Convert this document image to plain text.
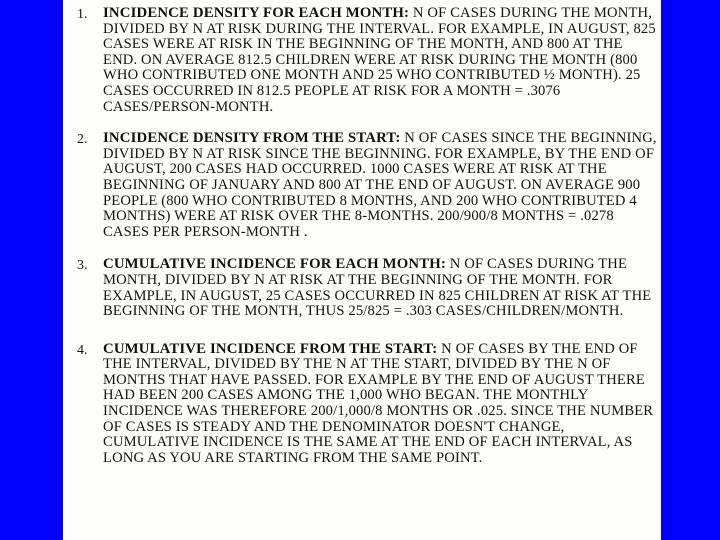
1.	INCIDENCE DENSITY FOR EACH MONTH: N OF CASES DURING THE MONTH, DIVIDED BY N AT RISK DURING THE INTERVAL. FOR EXAMPLE, IN AUGUST, 825 CASES WERE AT RISK IN THE BEGINNING OF THE MONTH, AND 800 AT THE END. ON AVERAGE 812.5 CHILDREN WERE AT RISK DURING THE MONTH (800 WHO CONTRIBUTED ONE MONTH AND 25 WHO CONTRIBUTED ½ MONTH). 25 CASES OCCURRED IN 812.5 PEOPLE AT RISK FOR A MONTH = .3076 CASES/PERSON-MONTH.
2.	INCIDENCE DENSITY FROM THE START: N OF CASES SINCE THE BEGINNING, DIVIDED BY N AT RISK SINCE THE BEGINNING. FOR EXAMPLE, BY THE END OF AUGUST, 200 CASES HAD OCCURRED. 1000 CASES WERE AT RISK AT THE BEGINNING OF JANUARY AND 800 AT THE END OF AUGUST. ON AVERAGE 900 PEOPLE (800 WHO CONTRIBUTED 8 MONTHS, AND 200 WHO CONTRIBUTED 4 MONTHS) WERE AT RISK OVER THE 8-MONTHS. 200/900/8 MONTHS = .0278 CASES PER PERSON-MONTH .
3.	CUMULATIVE INCIDENCE FOR EACH MONTH: N OF CASES DURING THE MONTH, DIVIDED BY N AT RISK AT THE BEGINNING OF THE MONTH. FOR EXAMPLE, IN AUGUST, 25 CASES OCCURRED IN 825 CHILDREN AT RISK AT THE BEGINNING OF THE MONTH, THUS 25/825 = .303 CASES/CHILDREN/MONTH.
4.	CUMULATIVE INCIDENCE FROM THE START: N OF CASES BY THE END OF THE INTERVAL, DIVIDED BY THE N AT THE START, DIVIDED BY THE N OF MONTHS THAT HAVE PASSED. FOR EXAMPLE BY THE END OF AUGUST THERE HAD BEEN 200 CASES AMONG THE 1,000 WHO BEGAN. THE MONTHLY INCIDENCE WAS THEREFORE 200/1,000/8 MONTHS OR .025. SINCE THE NUMBER OF CASES IS STEADY AND THE DENOMINATOR DOESN'T CHANGE, CUMULATIVE INCIDENCE IS THE SAME AT THE END OF EACH INTERVAL, AS LONG AS YOU ARE STARTING FROM THE SAME POINT.
